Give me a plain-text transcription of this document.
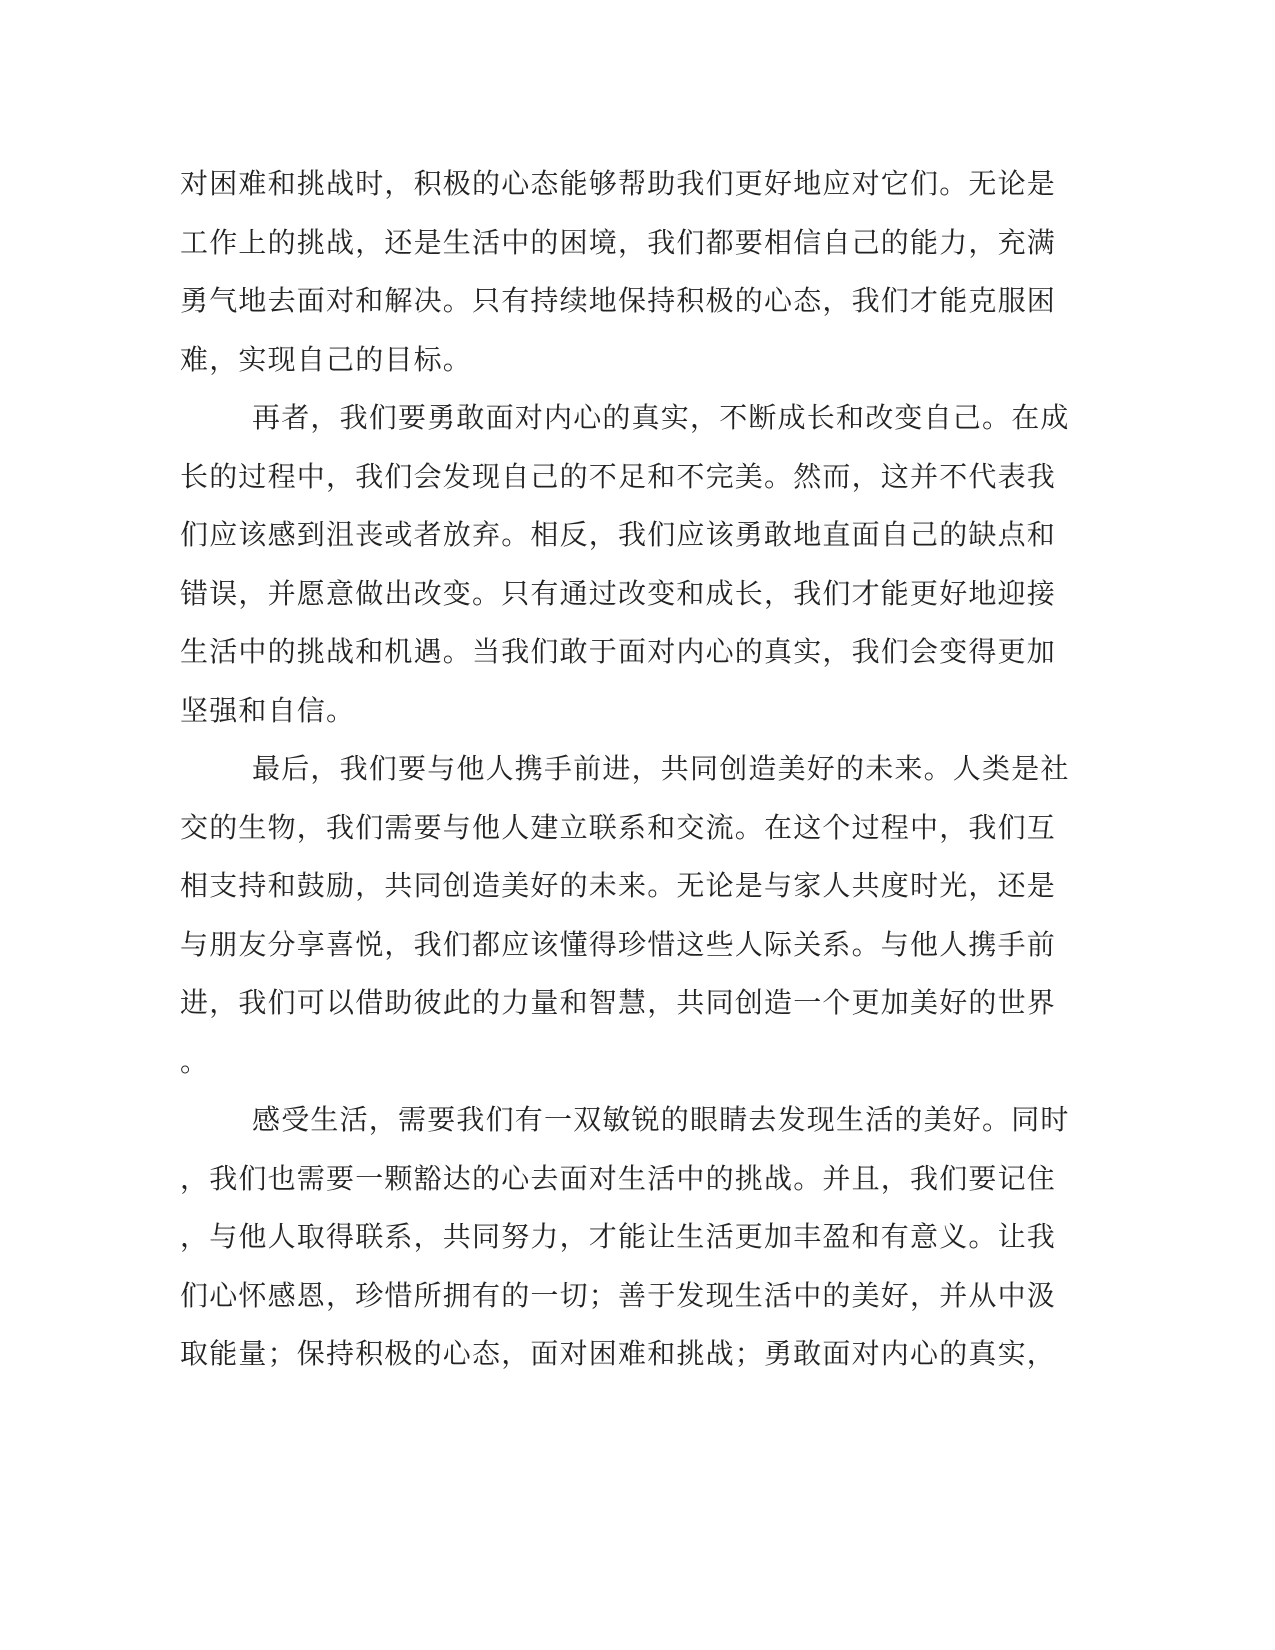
对困难和挑战时，积极的心态能够帮助我们更好地应对它们。无论是
工作上的挑战，还是生活中的困境，我们都要相信自己的能力，充满
勇气地去面对和解决。只有持续地保持积极的心态，我们才能克服困
难，实现自己的目标。
再者，我们要勇敢面对内心的真实，不断成长和改变自己。在成
长的过程中，我们会发现自己的不足和不完美。然而，这并不代表我
们应该感到沮丧或者放弃。相反，我们应该勇敢地直面自己的缺点和
错误，并愿意做出改变。只有通过改变和成长，我们才能更好地迎接
生活中的挑战和机遇。当我们敢于面对内心的真实，我们会变得更加
坚强和自信。
最后，我们要与他人携手前进，共同创造美好的未来。人类是社
交的生物，我们需要与他人建立联系和交流。在这个过程中，我们互
相支持和鼓励，共同创造美好的未来。无论是与家人共度时光，还是
与朋友分享喜悦，我们都应该懂得珍惜这些人际关系。与他人携手前
进，我们可以借助彼此的力量和智慧，共同创造一个更加美好的世界
。
感受生活，需要我们有一双敏锐的眼睛去发现生活的美好。同时
，我们也需要一颗豁达的心去面对生活中的挑战。并且，我们要记住
，与他人取得联系，共同努力，才能让生活更加丰盈和有意义。让我
们心怀感恩，珍惜所拥有的一切；善于发现生活中的美好，并从中汲
取能量；保持积极的心态，面对困难和挑战；勇敢面对内心的真实，
